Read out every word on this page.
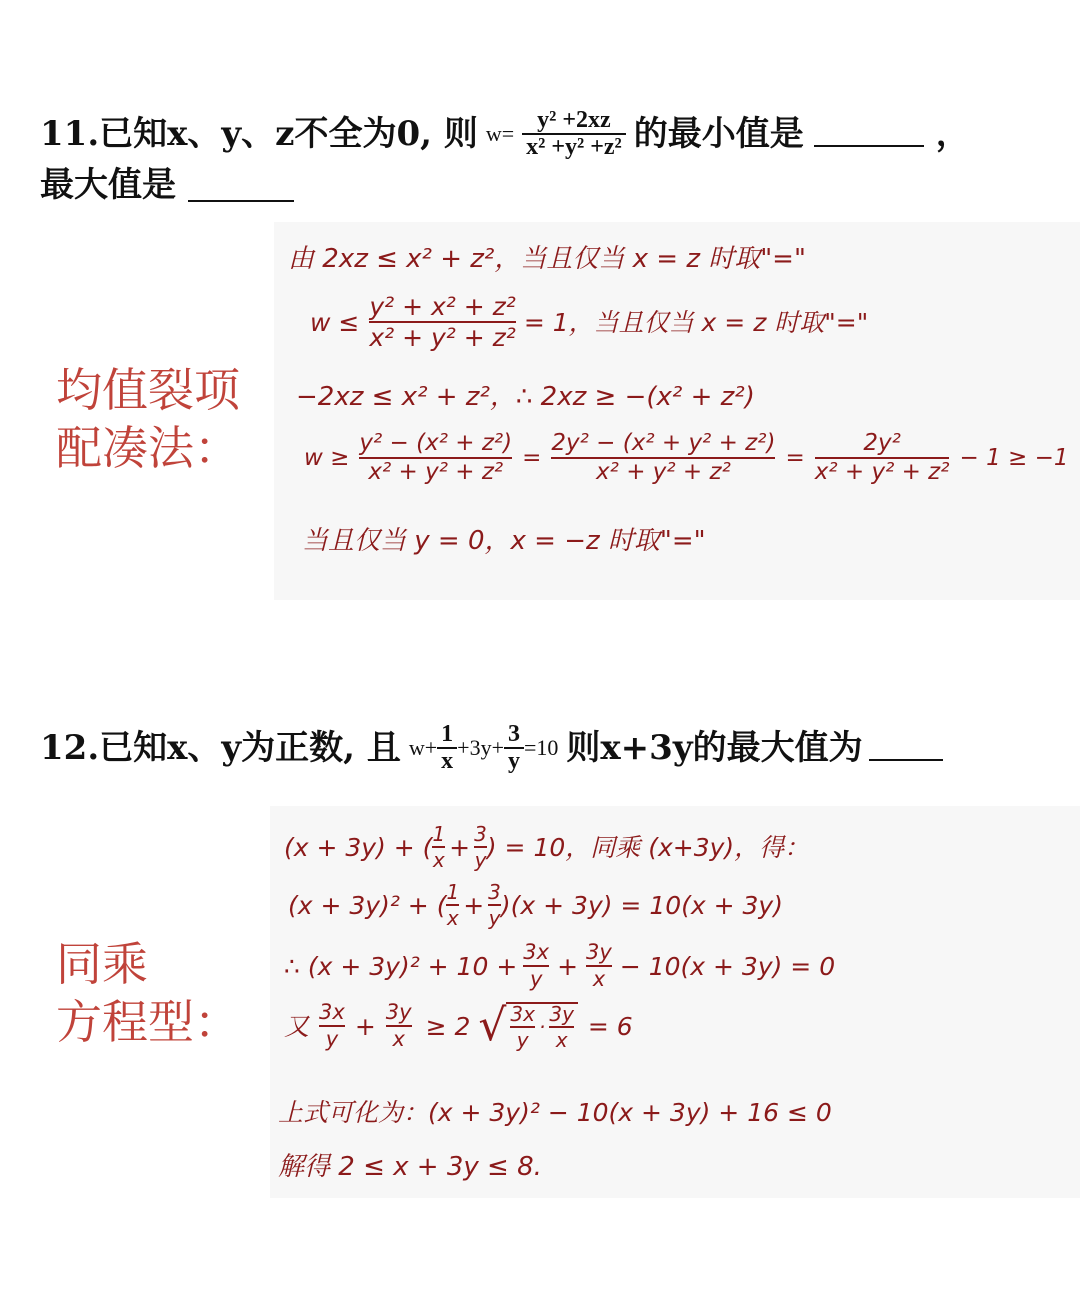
11.已知x、y、z不全为0, 则 $w= \frac{\text{y² +2xz}}{\text{x² +y² +z²}}$ 的最小值是	，
最大值是
均值裂项
配凑法：
由 2xz ≤ x² + z²，当且仅当 x = z 时取"="
w ≤
y² + x² + z²
x² + y² + z²
= 1，当且仅当 x = z 时取"="
−2xz ≤ x² + z²，∴ 2xz ≥ −(x² + z²)
w ≥
y² − (x² + z²)
x² + y² + z²
=
2y² − (x² + y² + z²)
x² + y² + z²
=
2y²
x² + y² + z²
− 1 ≥ −1
当且仅当 y = 0，x = −z 时取"="
12.已知x、y为正数, 且 $w+ \frac{1}{x} +3y+ \frac{3}{y} =10$ 则x+3y的最大值为
同乘
方程型：
(x + 3y) + ( 1
x + 3
y ) = 10，同乘 (x+3y)，得：
(x + 3y)² + ( 1
x + 3
y )(x + 3y) = 10(x + 3y)
∴ (x + 3y)² + 10 + 3x
y + 3y
x − 10(x + 3y) = 0
又 3x
y + 3y
x ≥ 2 √ 3x
y
·
3y
x = 6
上式可化为：(x + 3y)² − 10(x + 3y) + 16 ≤ 0
解得 2 ≤ x + 3y ≤ 8.
